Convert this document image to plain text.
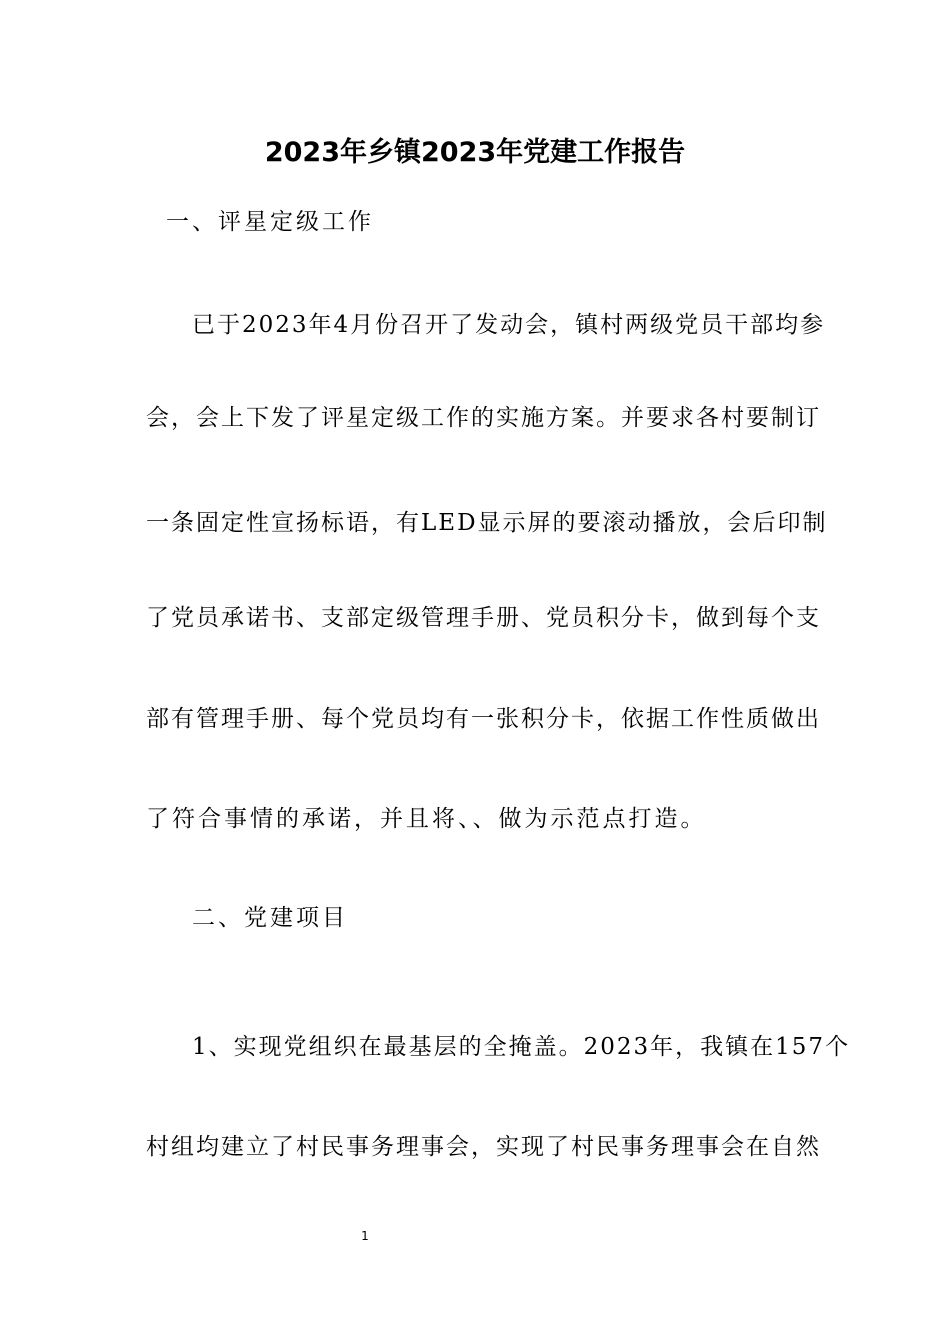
2023年乡镇2023年党建工作报告
一、评星定级工作
已于2023年4月份召开了发动会，镇村两级党员干部均参
会，会上下发了评星定级工作的实施方案。并要求各村要制订
一条固定性宣扬标语，有LED显示屏的要滚动播放，会后印制
了党员承诺书、支部定级管理手册、党员积分卡，做到每个支
部有管理手册、每个党员均有一张积分卡，依据工作性质做出
了符合事情的承诺，并且将、、做为示范点打造。
二、党建项目
1、实现党组织在最基层的全掩盖。2023年，我镇在157个
村组均建立了村民事务理事会，实现了村民事务理事会在自然
1
